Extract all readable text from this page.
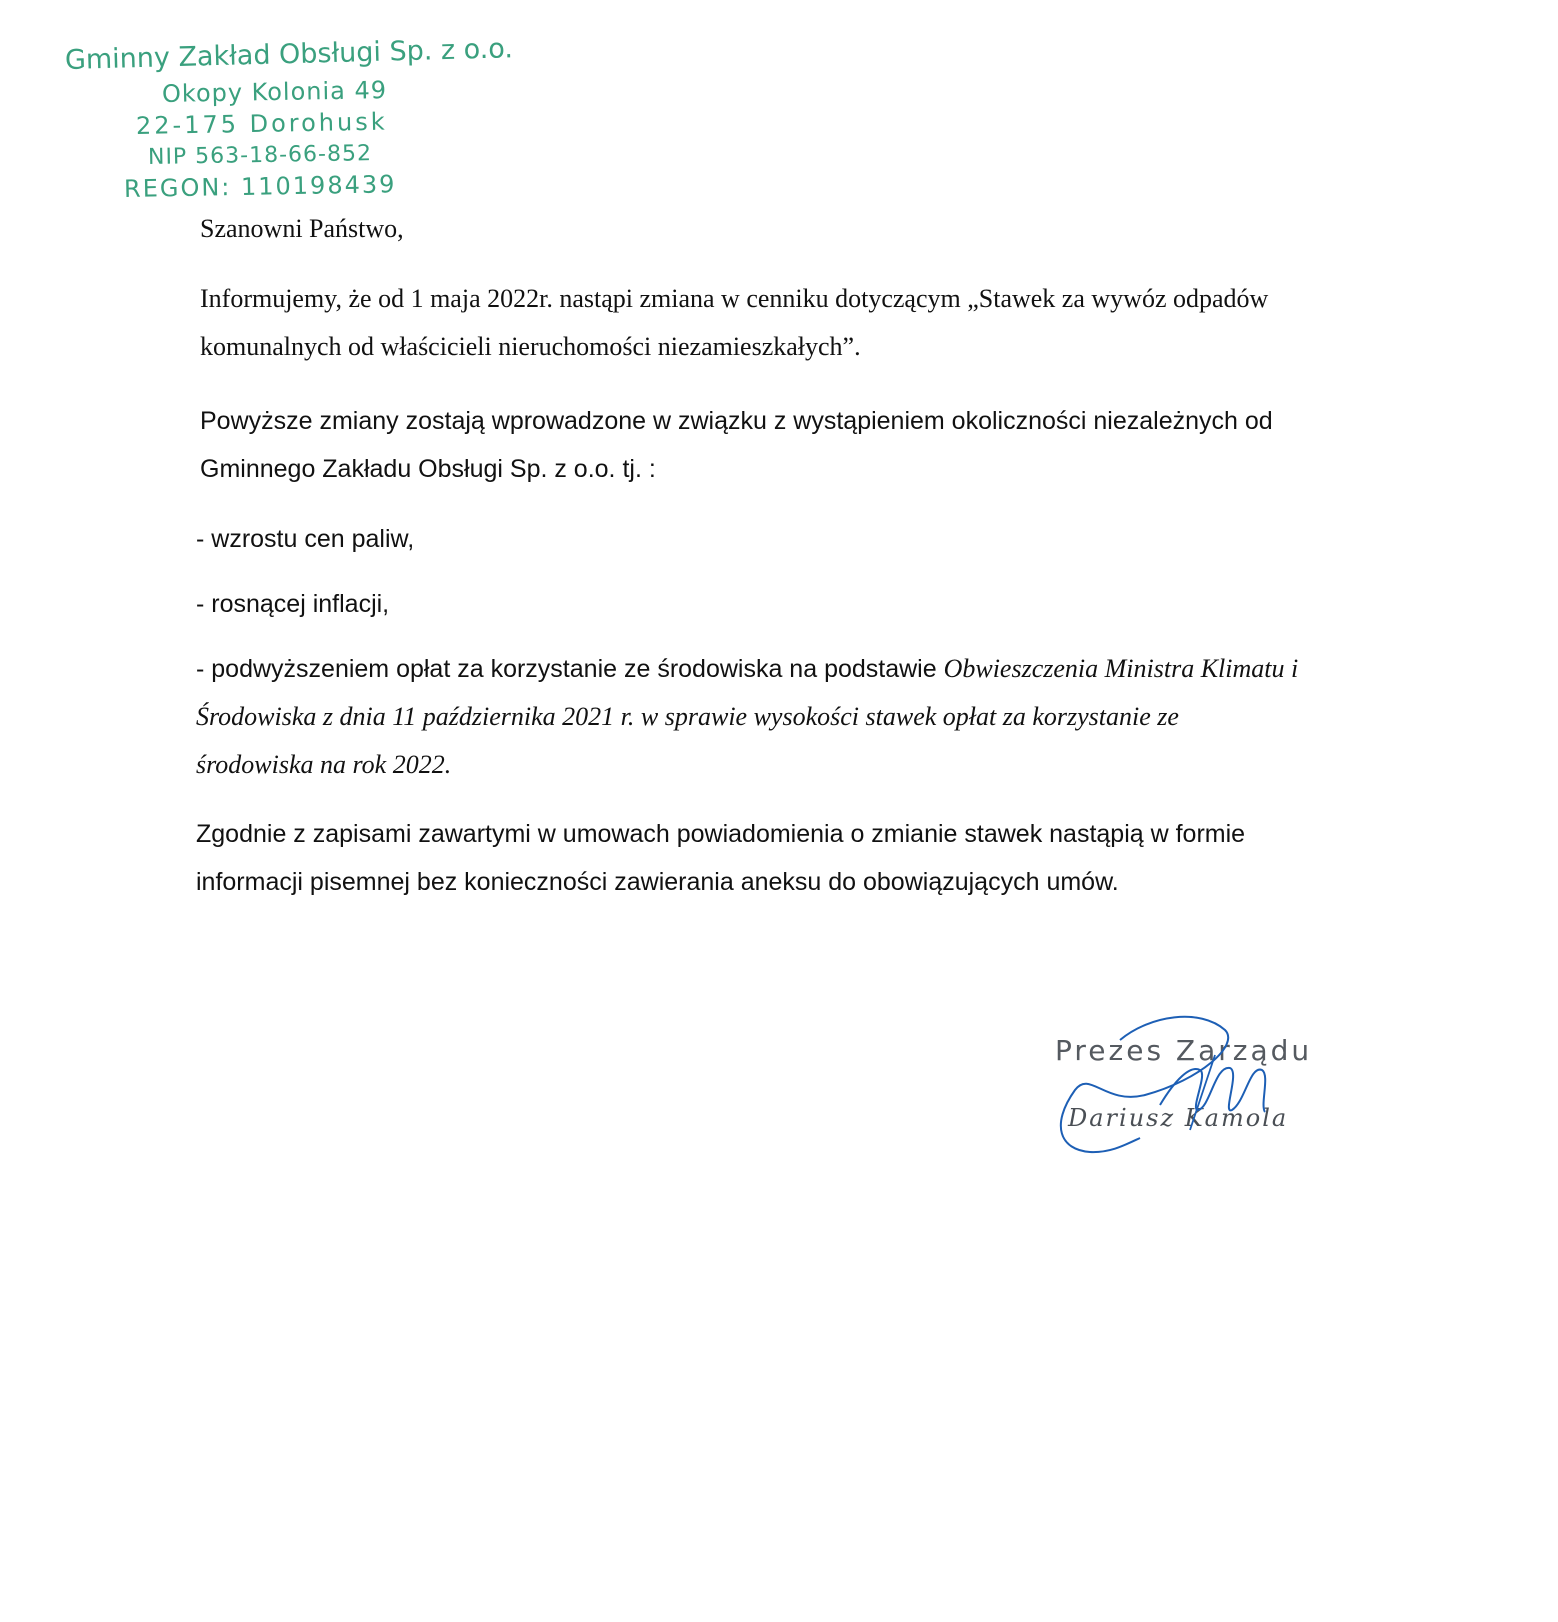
Gminny Zakład Obsługi Sp. z o.o.
Okopy Kolonia 49
22-175 Dorohusk
NIP 563-18-66-852
REGON: 110198439

Szanowni Państwo,

Informujemy, że od 1 maja 2022r. nastąpi zmiana w cenniku dotyczącym „Stawek za wywóz odpadów
komunalnych od właścicieli nieruchomości niezamieszkałych”.

Powyższe zmiany zostają wprowadzone w związku z wystąpieniem okoliczności niezależnych od
Gminnego Zakładu Obsługi Sp. z o.o. tj. :

- wzrostu cen paliw,

- rosnącej inflacji,

- podwyższeniem opłat za korzystanie ze środowiska na podstawie Obwieszczenia Ministra Klimatu i
Środowiska z dnia 11 października 2021 r. w sprawie wysokości stawek opłat za korzystanie ze
środowiska na rok 2022.

Zgodnie z zapisami zawartymi w umowach powiadomienia o zmianie stawek nastąpią w formie
informacji pisemnej bez konieczności zawierania aneksu do obowiązujących umów.

Prezes Zarządu
Dariusz Kamola
